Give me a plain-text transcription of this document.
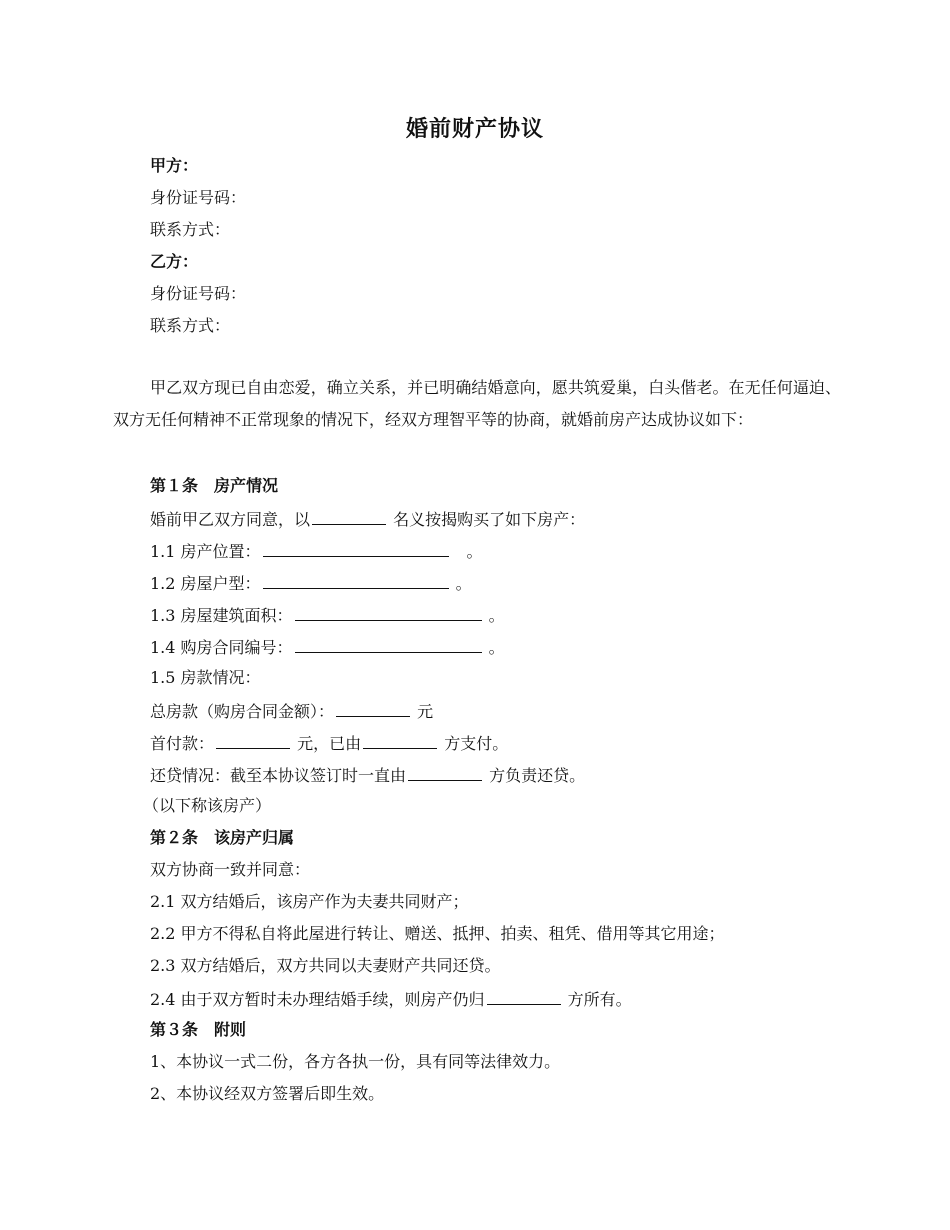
婚前财产协议
甲方：
身份证号码：
联系方式：
乙方：
身份证号码：
联系方式：
甲乙双方现已自由恋爱，确立关系，并已明确结婚意向，愿共筑爱巢，白头偕老。在无任何逼迫、双方无任何精神不正常现象的情况下，经双方理智平等的协商，就婚前房产达成协议如下：
第１条　房产情况
婚前甲乙双方同意，以	名义按揭购买了如下房产：
1.1 房产位置：	　。
1.2 房屋户型：	。
1.3 房屋建筑面积：	。
1.4 购房合同编号：	。
1.5 房款情况：
总房款（购房合同金额）：	元
首付款：	元，已由	方支付。
还贷情况：截至本协议签订时一直由	方负责还贷。
（以下称该房产）
第２条　该房产归属
双方协商一致并同意：
2.1 双方结婚后，该房产作为夫妻共同财产；
2.2 甲方不得私自将此屋进行转让、赠送、抵押、拍卖、租凭、借用等其它用途；
2.3 双方结婚后，双方共同以夫妻财产共同还贷。
2.4 由于双方暂时未办理结婚手续，则房产仍归	方所有。
第３条　附则
1、本协议一式二份，各方各执一份，具有同等法律效力。
2、本协议经双方签署后即生效。
